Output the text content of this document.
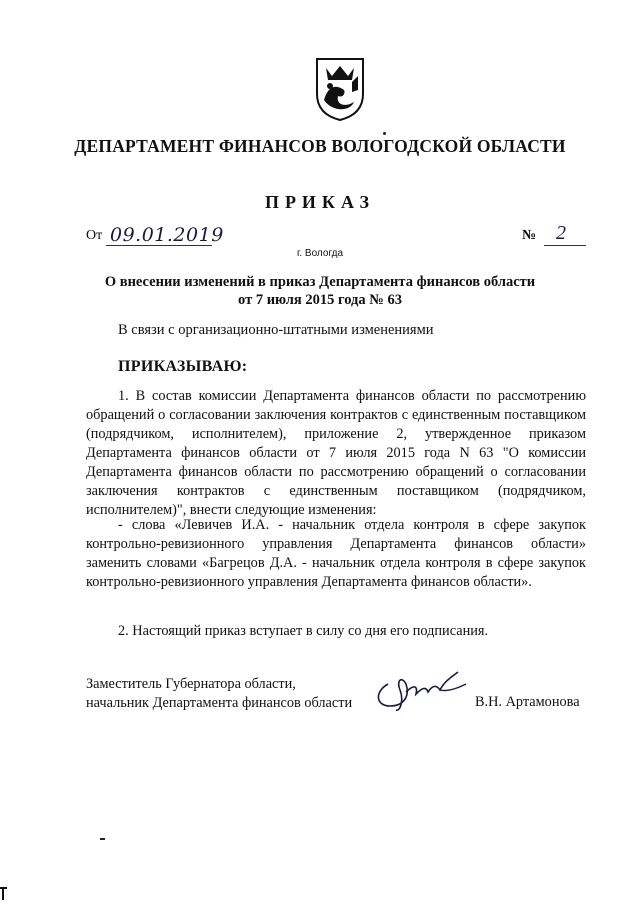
ДЕПАРТАМЕНТ ФИНАНСОВ ВОЛОГОДСКОЙ ОБЛАСТИ
ПРИКАЗ
От 09.01.2019	№ 2
г. Вологда
О внесении изменений в приказ Департамента финансов области
от 7 июля 2015 года № 63
В связи с организационно-штатными изменениями
ПРИКАЗЫВАЮ:
1. В состав комиссии Департамента финансов области по рассмотрению обращений о согласовании заключения контрактов с единственным поставщиком (подрядчиком, исполнителем), приложение 2, утвержденное приказом Департамента финансов области от 7 июля 2015 года N 63 "О комиссии Департамента финансов области по рассмотрению обращений о согласовании заключения контрактов с единственным поставщиком (подрядчиком, исполнителем)", внести следующие изменения:
- слова «Левичев И.А. - начальник отдела контроля в сфере закупок контрольно-ревизионного управления Департамента финансов области» заменить словами «Багрецов Д.А. - начальник отдела контроля в сфере закупок контрольно-ревизионного управления Департамента финансов области».
2. Настоящий приказ вступает в силу со дня его подписания.
Заместитель Губернатора области,
начальник Департамента финансов области	В.Н. Артамонова
